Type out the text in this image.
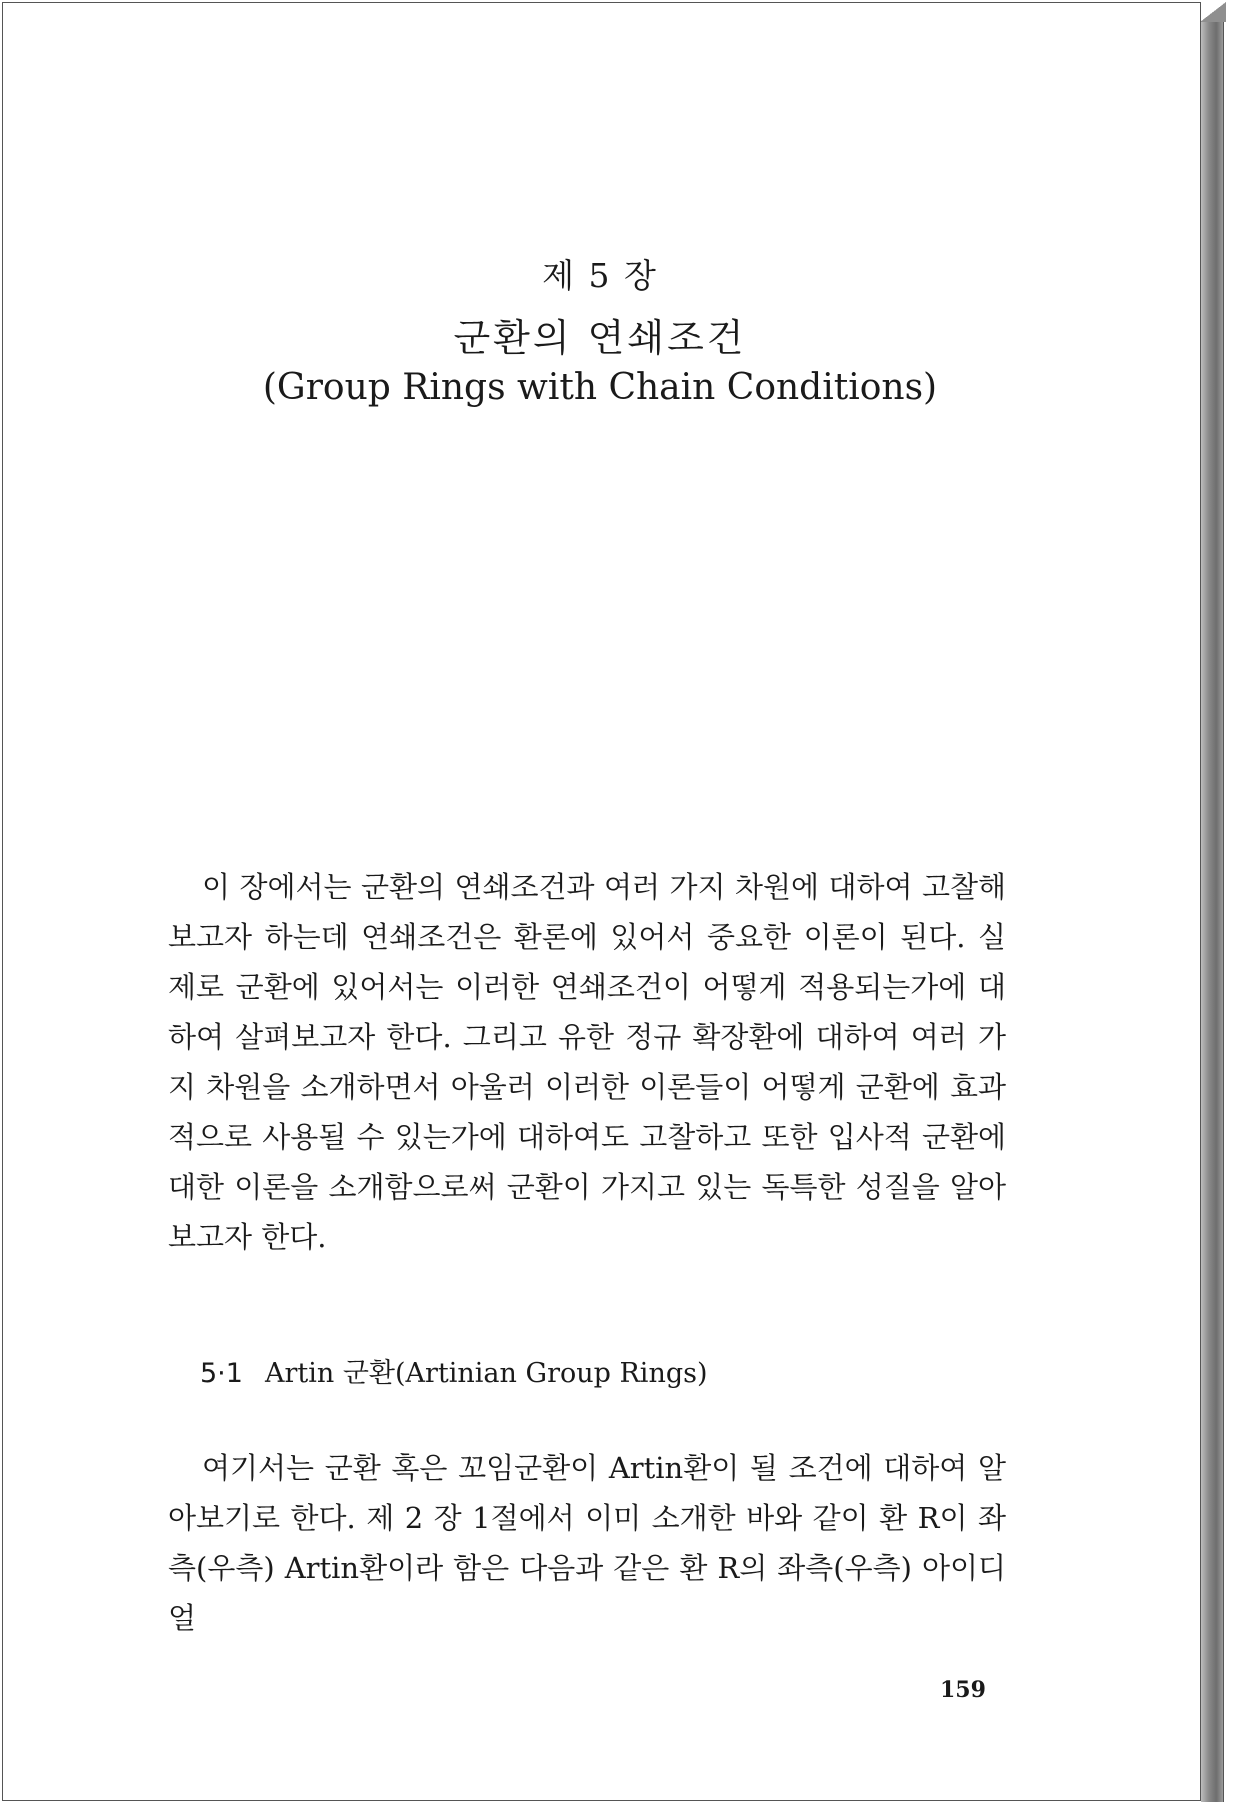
제 5 장
군환의 연쇄조건
(Group Rings with Chain Conditions)

이 장에서는 군환의 연쇄조건과 여러 가지 차원에 대하여 고찰해 보고자 하는데 연쇄조건은 환론에 있어서 중요한 이론이 된다. 실제로 군환에 있어서는 이러한 연쇄조건이 어떻게 적용되는가에 대하여 살펴보고자 한다. 그리고 유한 정규 확장환에 대하여 여러 가지 차원을 소개하면서 아울러 이러한 이론들이 어떻게 군환에 효과적으로 사용될 수 있는가에 대하여도 고찰하고 또한 입사적 군환에 대한 이론을 소개함으로써 군환이 가지고 있는 독특한 성질을 알아보고자 한다.

5·1 Artin 군환(Artinian Group Rings)

여기서는 군환 혹은 꼬임군환이 Artin환이 될 조건에 대하여 알아보기로 한다. 제 2 장 1절에서 이미 소개한 바와 같이 환 R이 좌측(우측) Artin환이라 함은 다음과 같은 환 R의 좌측(우측) 아이디얼

159
